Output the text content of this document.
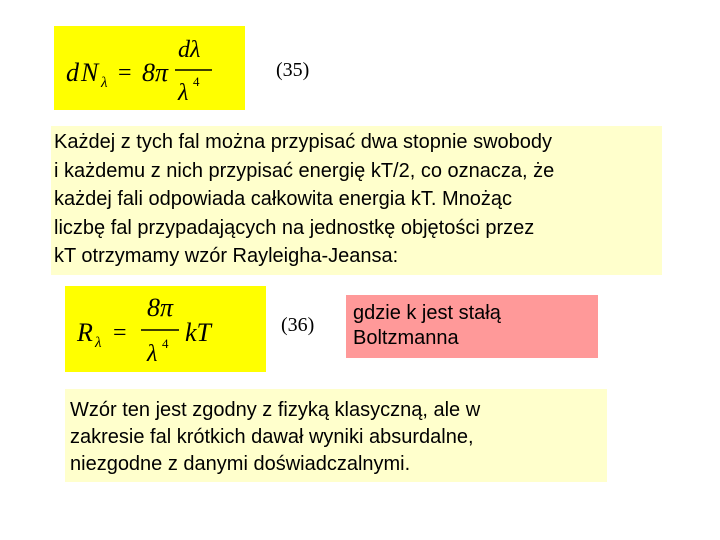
d N λ = 8π
dλ
λ 4
(35)

Każdej z tych fal można przypisać dwa stopnie swobody

i każdemu z nich przypisać energię kT/2, co oznacza, że

każdej fali odpowiada całkowita energia kT. Mnożąc

liczbę fal przypadających na jednostkę objętości przez

kT otrzymamy wzór Rayleigha-Jeansa:

R λ =
8π
λ 4 kT	(36)
gdzie k jest stałą
Boltzmanna

Wzór ten jest zgodny z fizyką klasyczną, ale w

zakresie fal krótkich dawał wyniki absurdalne,

niezgodne z danymi doświadczalnymi.
